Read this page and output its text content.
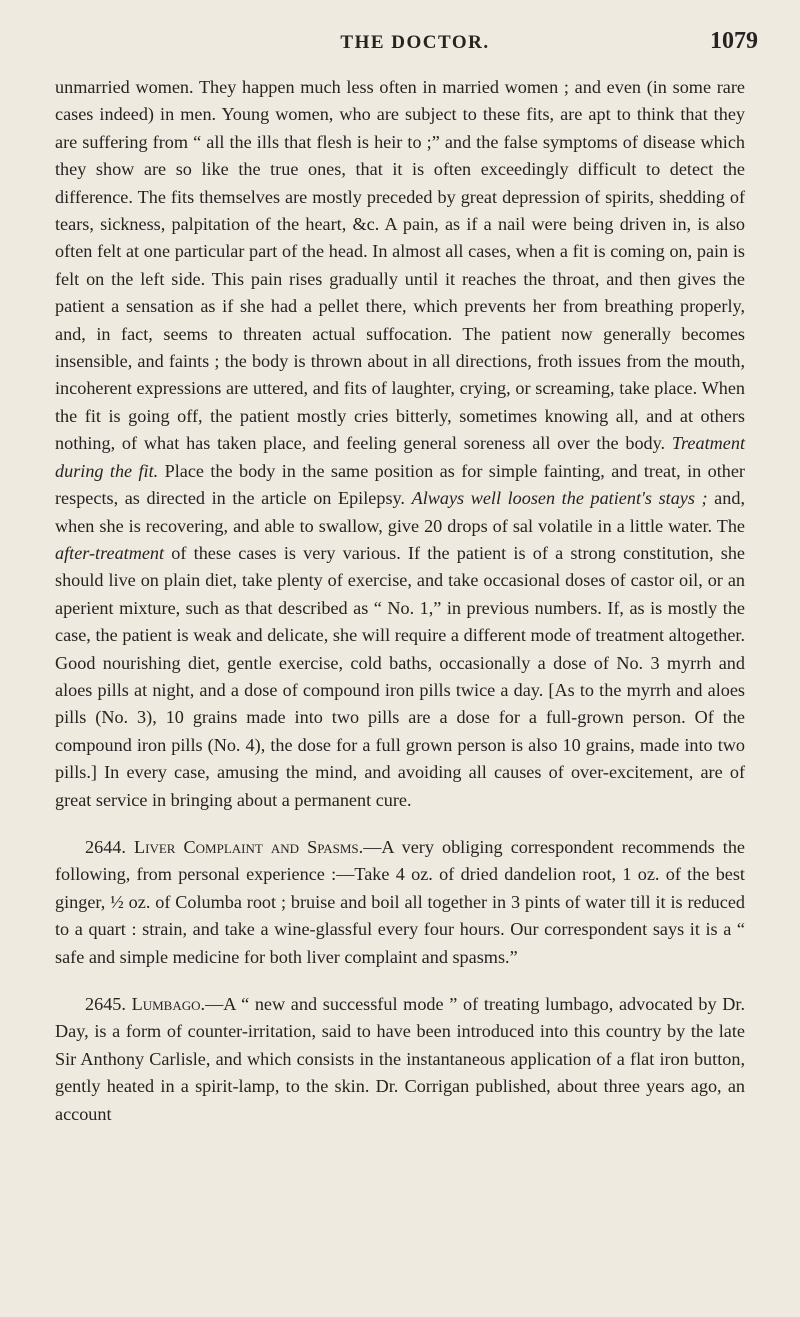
THE DOCTOR.	1079

unmarried women. They happen much less often in married women ; and even (in some rare cases indeed) in men. Young women, who are subject to these fits, are apt to think that they are suffering from “ all the ills that flesh is heir to ;” and the false symptoms of disease which they show are so like the true ones, that it is often exceedingly difficult to detect the difference. The fits themselves are mostly preceded by great depression of spirits, shedding of tears, sickness, palpitation of the heart, &c. A pain, as if a nail were being driven in, is also often felt at one particular part of the head. In almost all cases, when a fit is coming on, pain is felt on the left side. This pain rises gradually until it reaches the throat, and then gives the patient a sensation as if she had a pellet there, which prevents her from breathing properly, and, in fact, seems to threaten actual suffocation. The patient now generally becomes insensible, and faints ; the body is thrown about in all directions, froth issues from the mouth, incoherent expressions are uttered, and fits of laughter, crying, or screaming, take place. When the fit is going off, the patient mostly cries bitterly, sometimes knowing all, and at others nothing, of what has taken place, and feeling general soreness all over the body. Treatment during the fit. Place the body in the same position as for simple fainting, and treat, in other respects, as directed in the article on Epilepsy. Always well loosen the patient's stays ; and, when she is recovering, and able to swallow, give 20 drops of sal volatile in a little water. The after-treatment of these cases is very various. If the patient is of a strong constitution, she should live on plain diet, take plenty of exercise, and take occasional doses of castor oil, or an aperient mixture, such as that described as “ No. 1,” in previous numbers. If, as is mostly the case, the patient is weak and delicate, she will require a different mode of treatment altogether. Good nourishing diet, gentle exercise, cold baths, occasionally a dose of No. 3 myrrh and aloes pills at night, and a dose of compound iron pills twice a day. [As to the myrrh and aloes pills (No. 3), 10 grains made into two pills are a dose for a full-grown person. Of the compound iron pills (No. 4), the dose for a full grown person is also 10 grains, made into two pills.] In every case, amusing the mind, and avoiding all causes of over-excitement, are of great service in bringing about a permanent cure.

2644. Liver Complaint and Spasms.—A very obliging correspondent recommends the following, from personal experience :—Take 4 oz. of dried dandelion root, 1 oz. of the best ginger, ½ oz. of Columba root ; bruise and boil all together in 3 pints of water till it is reduced to a quart : strain, and take a wine-glassful every four hours. Our correspondent says it is a “ safe and simple medicine for both liver complaint and spasms.”

2645. Lumbago.—A “ new and successful mode ” of treating lumbago, advocated by Dr. Day, is a form of counter-irritation, said to have been introduced into this country by the late Sir Anthony Carlisle, and which consists in the instantaneous application of a flat iron button, gently heated in a spirit-lamp, to the skin. Dr. Corrigan published, about three years ago, an account
